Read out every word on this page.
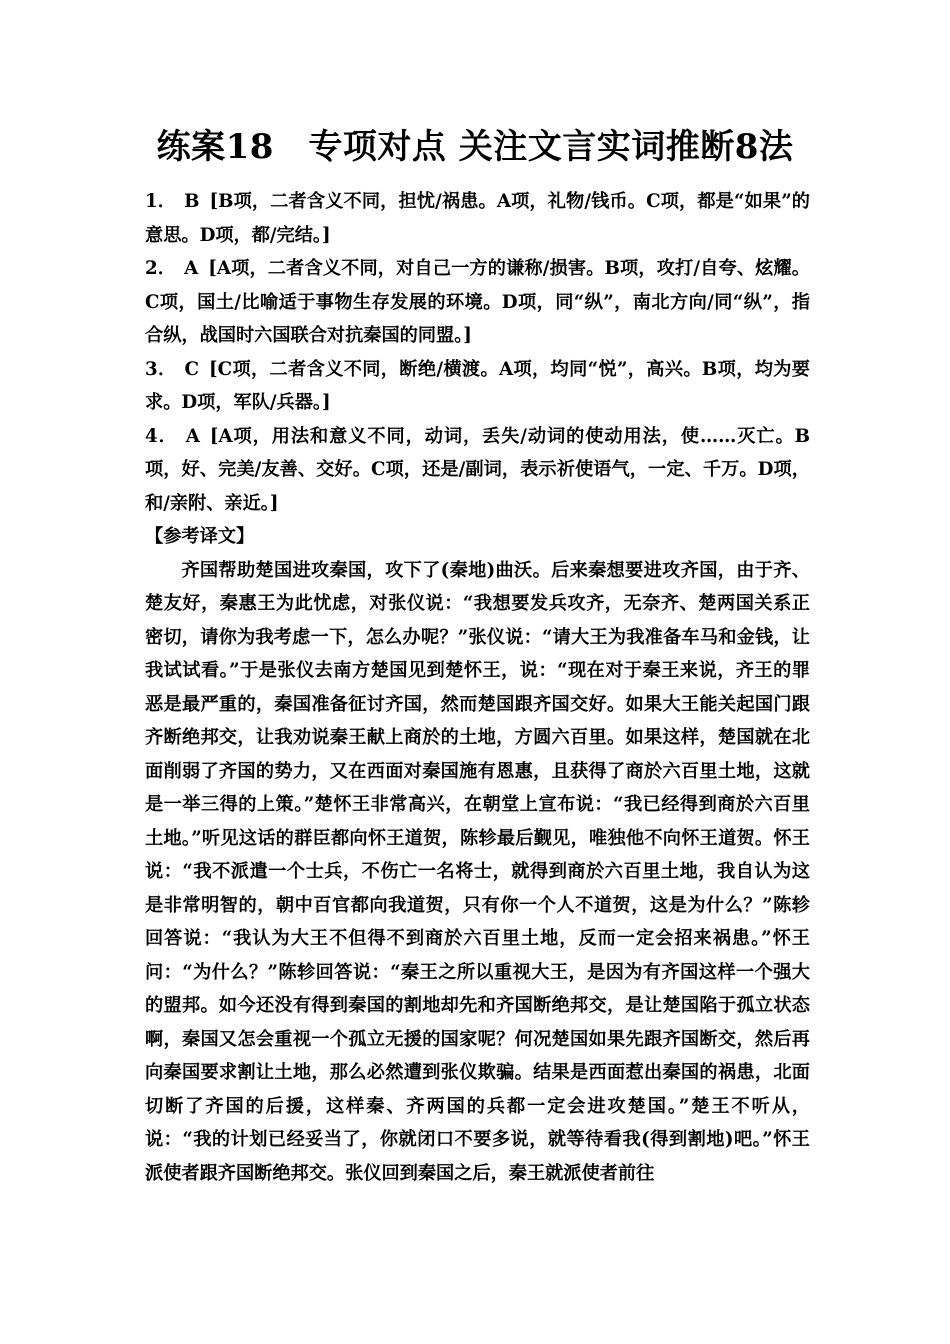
练案18　专项对点 关注文言实词推断8法

1． B [B项，二者含义不同，担忧/祸患。A项，礼物/钱币。C项，都是“如果”的意思。D项，都/完结。]

2． A [A项，二者含义不同，对自己一方的谦称/损害。B项，攻打/自夸、炫耀。C项，国土/比喻适于事物生存发展的环境。D项，同“纵”，南北方向/同“纵”，指合纵，战国时六国联合对抗秦国的同盟。]

3． C [C项，二者含义不同，断绝/横渡。A项，均同“悦”，高兴。B项，均为要求。D项，军队/兵器。]

4． A [A项，用法和意义不同，动词，丢失/动词的使动用法，使……灭亡。B项，好、完美/友善、交好。C项，还是/副词，表示祈使语气，一定、千万。D项，和/亲附、亲近。]

【参考译文】

齐国帮助楚国进攻秦国，攻下了(秦地)曲沃。后来秦想要进攻齐国，由于齐、楚友好，秦惠王为此忧虑，对张仪说：“我想要发兵攻齐，无奈齐、楚两国关系正密切，请你为我考虑一下，怎么办呢？”张仪说：“请大王为我准备车马和金钱，让我试试看。”于是张仪去南方楚国见到楚怀王，说：“现在对于秦王来说，齐王的罪恶是最严重的，秦国准备征讨齐国，然而楚国跟齐国交好。如果大王能关起国门跟齐断绝邦交，让我劝说秦王献上商於的土地，方圆六百里。如果这样，楚国就在北面削弱了齐国的势力，又在西面对秦国施有恩惠，且获得了商於六百里土地，这就是一举三得的上策。”楚怀王非常高兴，在朝堂上宣布说：“我已经得到商於六百里土地。”听见这话的群臣都向怀王道贺，陈轸最后觐见，唯独他不向怀王道贺。怀王说：“我不派遣一个士兵，不伤亡一名将士，就得到商於六百里土地，我自认为这是非常明智的，朝中百官都向我道贺，只有你一个人不道贺，这是为什么？”陈轸回答说：“我认为大王不但得不到商於六百里土地，反而一定会招来祸患。”怀王问：“为什么？”陈轸回答说：“秦王之所以重视大王，是因为有齐国这样一个强大的盟邦。如今还没有得到秦国的割地却先和齐国断绝邦交，是让楚国陷于孤立状态啊，秦国又怎会重视一个孤立无援的国家呢？何况楚国如果先跟齐国断交，然后再向秦国要求割让土地，那么必然遭到张仪欺骗。结果是西面惹出秦国的祸患，北面切断了齐国的后援，这样秦、齐两国的兵都一定会进攻楚国。”楚王不听从，说：“我的计划已经妥当了，你就闭口不要多说，就等待看我(得到割地)吧。”怀王派使者跟齐国断绝邦交。张仪回到秦国之后，秦王就派使者前往
